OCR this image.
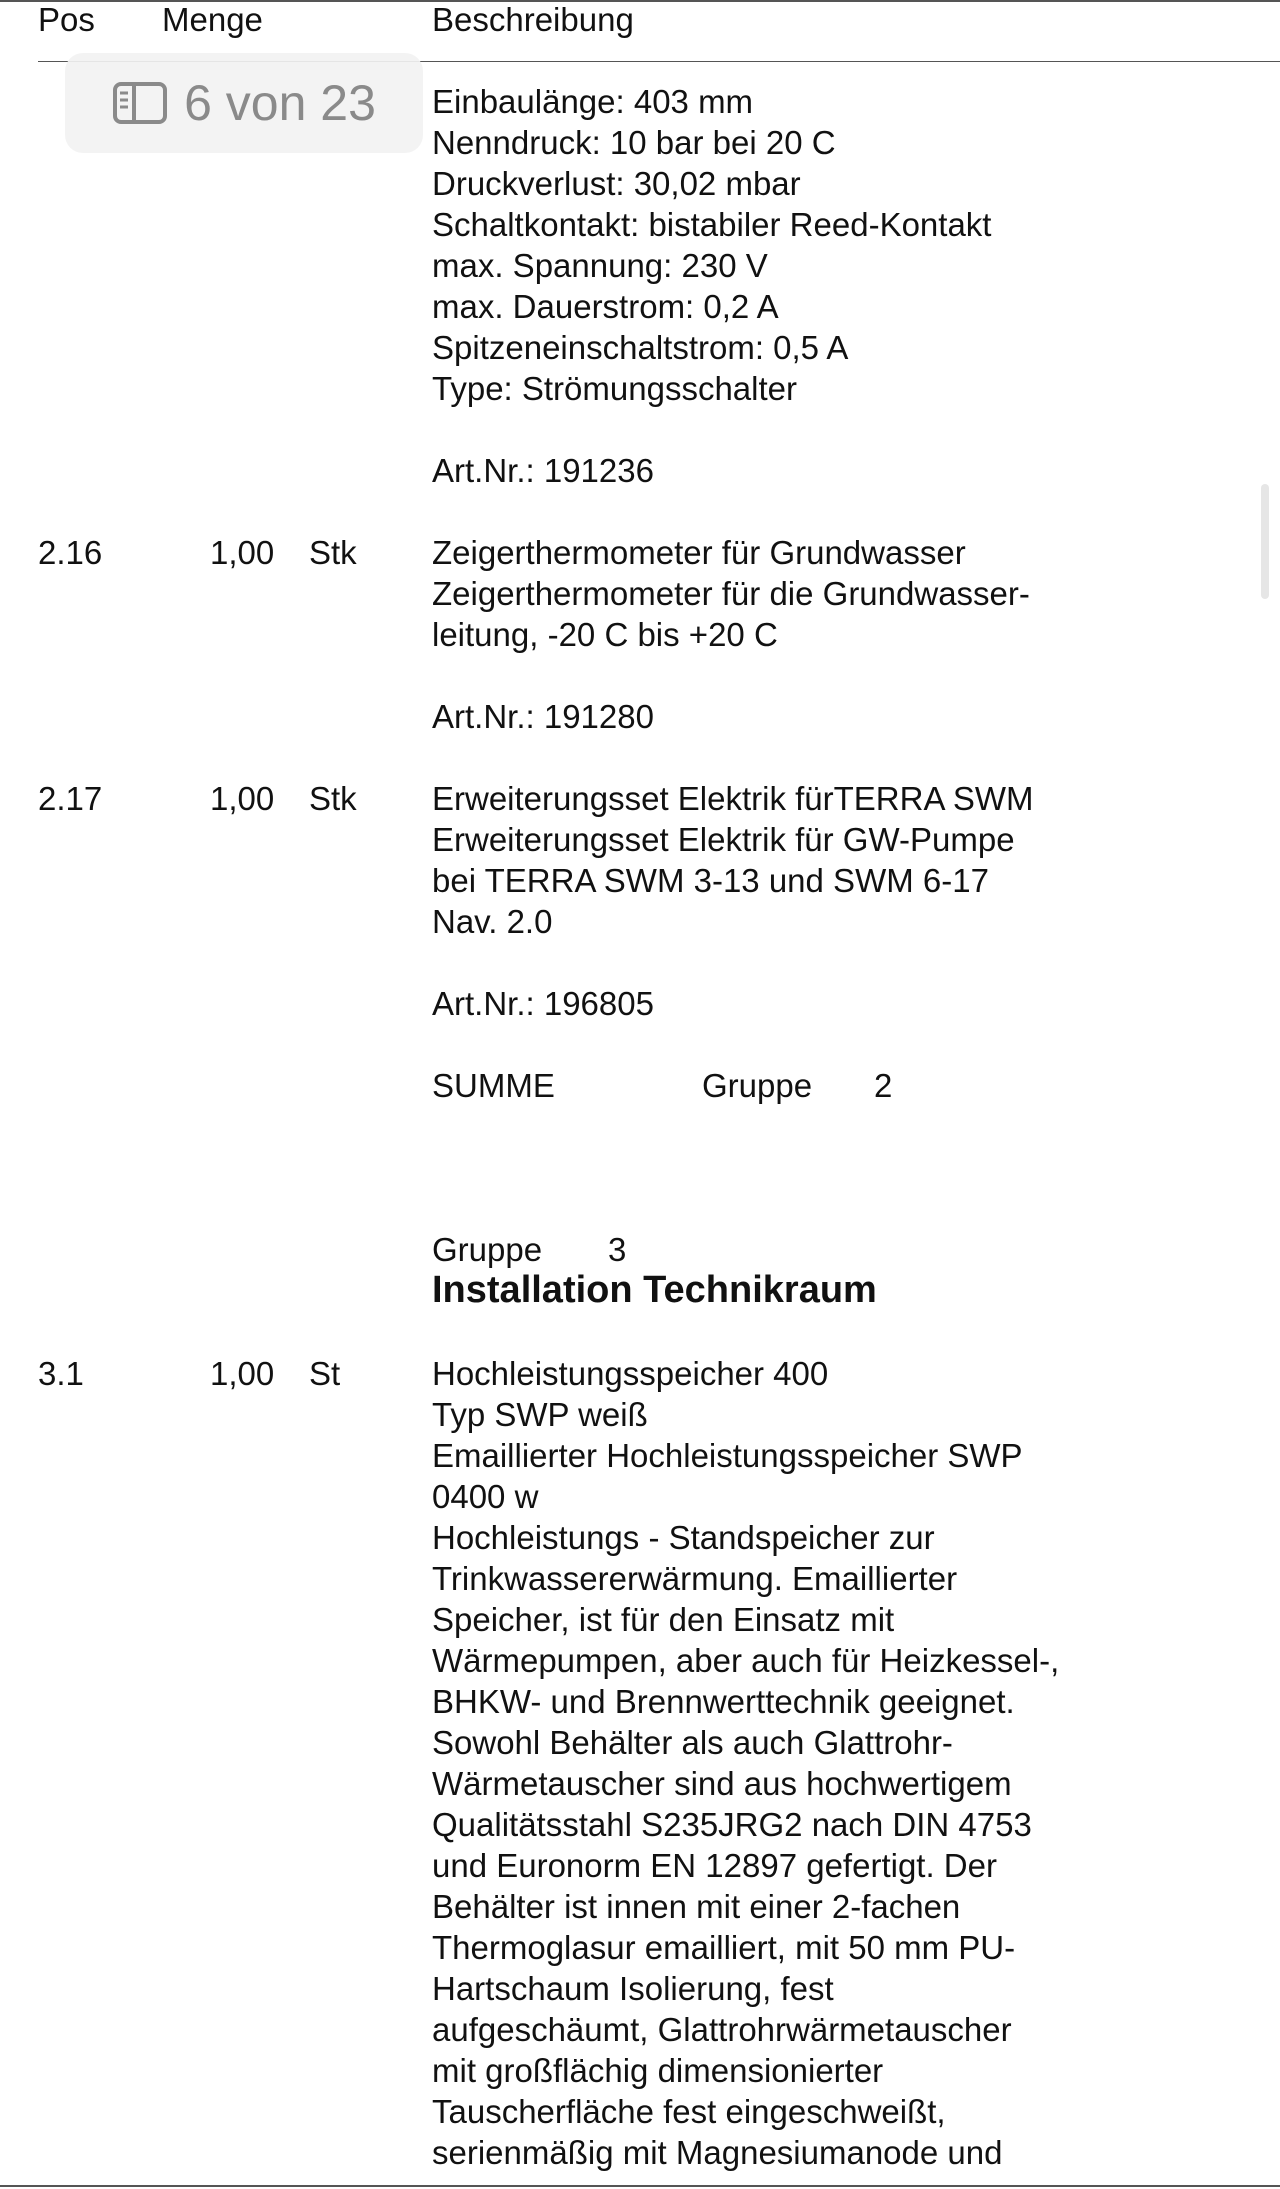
Pos Menge	Beschreibung
Einbaulänge: 403 mm
Nenndruck: 10 bar bei 20 C
Druckverlust: 30,02 mbar
Schaltkontakt: bistabiler Reed-Kontakt
max. Spannung: 230 V
max. Dauerstrom: 0,2 A
Spitzeneinschaltstrom: 0,5 A
Type: Strömungsschalter
Art.Nr.: 191236
2.16	1,00 Stk Zeigerthermometer für Grundwasser
Zeigerthermometer für die Grundwasser-
leitung, -20 C bis +20 C
Art.Nr.: 191280
2.17	1,00 Stk Erweiterungsset Elektrik fürTERRA SWM
Erweiterungsset Elektrik für GW-Pumpe
bei TERRA SWM 3-13 und SWM 6-17
Nav. 2.0
Art.Nr.: 196805
SUMME	Gruppe 2
Gruppe 3
Installation Technikraum
3.1	1,00 St	Hochleistungsspeicher 400
Typ SWP weiß
Emaillierter Hochleistungsspeicher SWP
0400 w
Hochleistungs - Standspeicher zur
Trinkwassererwärmung. Emaillierter
Speicher, ist für den Einsatz mit
Wärmepumpen, aber auch für Heizkessel-,
BHKW- und Brennwerttechnik geeignet.
Sowohl Behälter als auch Glattrohr-
Wärmetauscher sind aus hochwertigem
Qualitätsstahl S235JRG2 nach DIN 4753
und Euronorm EN 12897 gefertigt. Der
Behälter ist innen mit einer 2-fachen
Thermoglasur emailliert, mit 50 mm PU-
Hartschaum Isolierung, fest
aufgeschäumt, Glattrohrwärmetauscher
mit großflächig dimensionierter
Tauscherfläche fest eingeschweißt,
serienmäßig mit Magnesiumanode und
6 von 23
